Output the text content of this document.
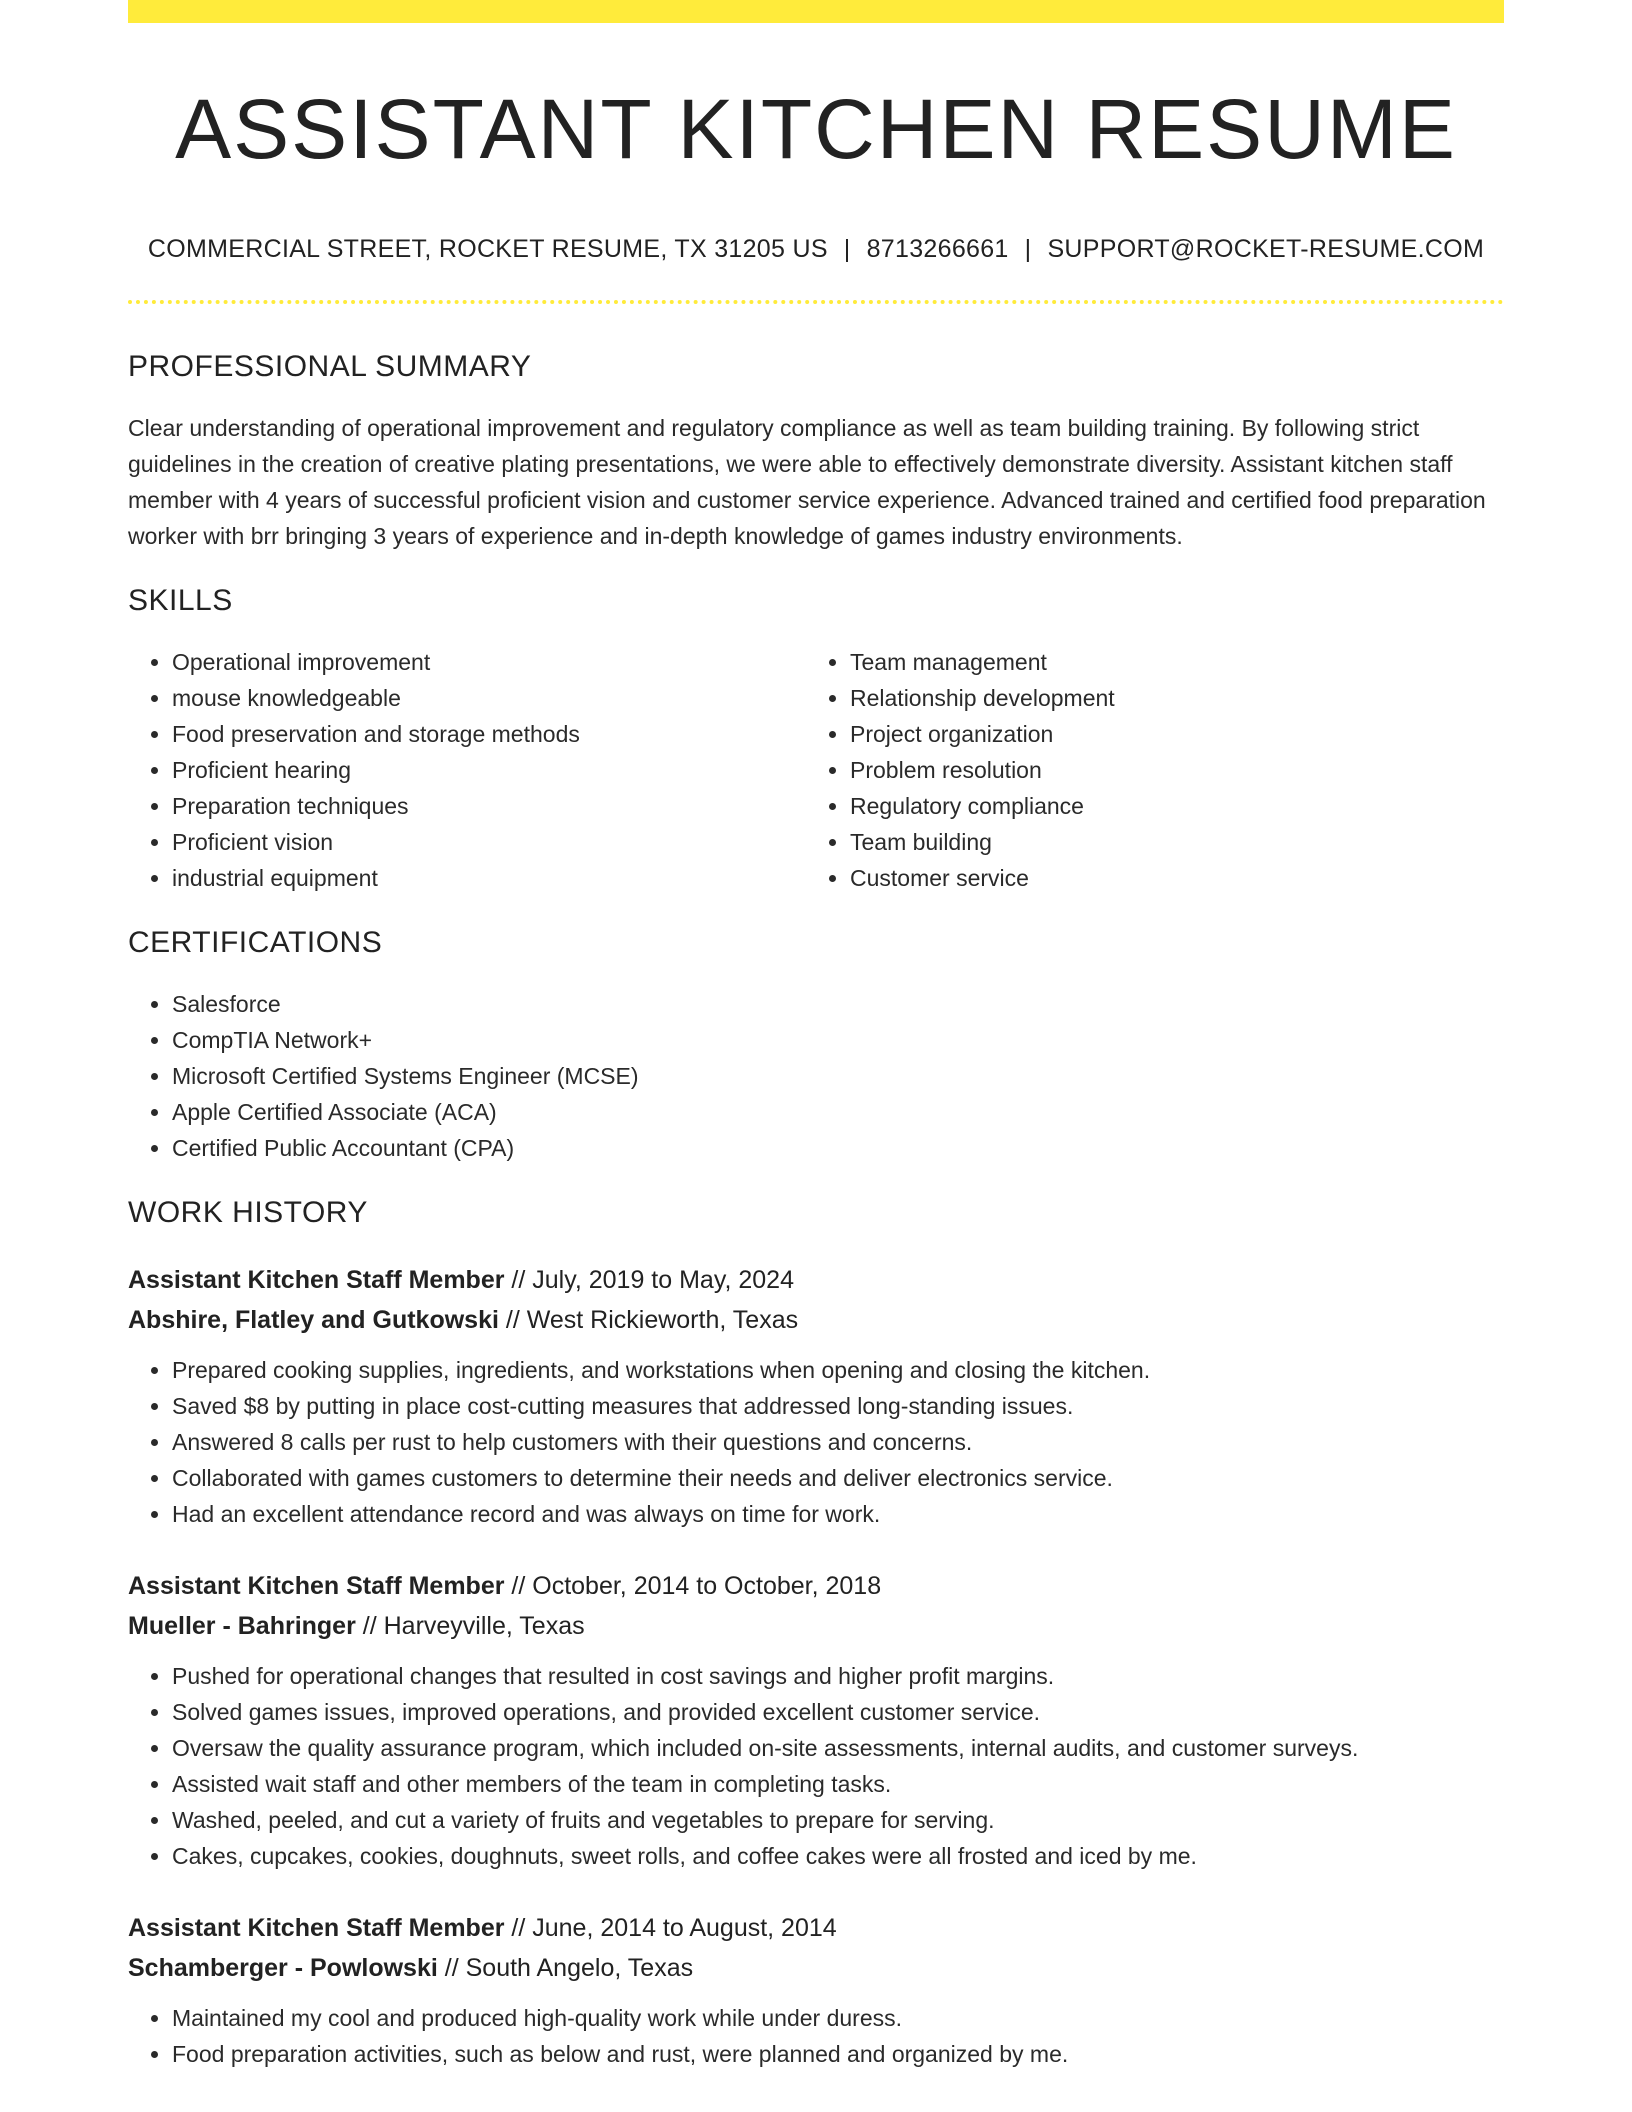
ASSISTANT KITCHEN RESUME
COMMERCIAL STREET, ROCKET RESUME, TX 31205 US | 8713266661 | SUPPORT@ROCKET-RESUME.COM
PROFESSIONAL SUMMARY

Clear understanding of operational improvement and regulatory compliance as well as team building training. By following strict guidelines in the creation of creative plating presentations, we were able to effectively demonstrate diversity. Assistant kitchen staff member with 4 years of successful proficient vision and customer service experience. Advanced trained and certified food preparation worker with brr bringing 3 years of experience and in-depth knowledge of games industry environments.

SKILLS
• Operational improvement
• mouse knowledgeable
• Food preservation and storage methods
• Proficient hearing
• Preparation techniques
• Proficient vision
• industrial equipment
• Team management
• Relationship development
• Project organization
• Problem resolution
• Regulatory compliance
• Team building
• Customer service
CERTIFICATIONS
• Salesforce
• CompTIA Network+
• Microsoft Certified Systems Engineer (MCSE)
• Apple Certified Associate (ACA)
• Certified Public Accountant (CPA)
WORK HISTORY
Assistant Kitchen Staff Member // July, 2019 to May, 2024
Abshire, Flatley and Gutkowski // West Rickieworth, Texas
• Prepared cooking supplies, ingredients, and workstations when opening and closing the kitchen.
• Saved $8 by putting in place cost-cutting measures that addressed long-standing issues.
• Answered 8 calls per rust to help customers with their questions and concerns.
• Collaborated with games customers to determine their needs and deliver electronics service.
• Had an excellent attendance record and was always on time for work.
Assistant Kitchen Staff Member // October, 2014 to October, 2018
Mueller - Bahringer // Harveyville, Texas
• Pushed for operational changes that resulted in cost savings and higher profit margins.
• Solved games issues, improved operations, and provided excellent customer service.
• Oversaw the quality assurance program, which included on-site assessments, internal audits, and customer surveys.
• Assisted wait staff and other members of the team in completing tasks.
• Washed, peeled, and cut a variety of fruits and vegetables to prepare for serving.
• Cakes, cupcakes, cookies, doughnuts, sweet rolls, and coffee cakes were all frosted and iced by me.
Assistant Kitchen Staff Member // June, 2014 to August, 2014
Schamberger - Powlowski // South Angelo, Texas
• Maintained my cool and produced high-quality work while under duress.
• Food preparation activities, such as below and rust, were planned and organized by me.
